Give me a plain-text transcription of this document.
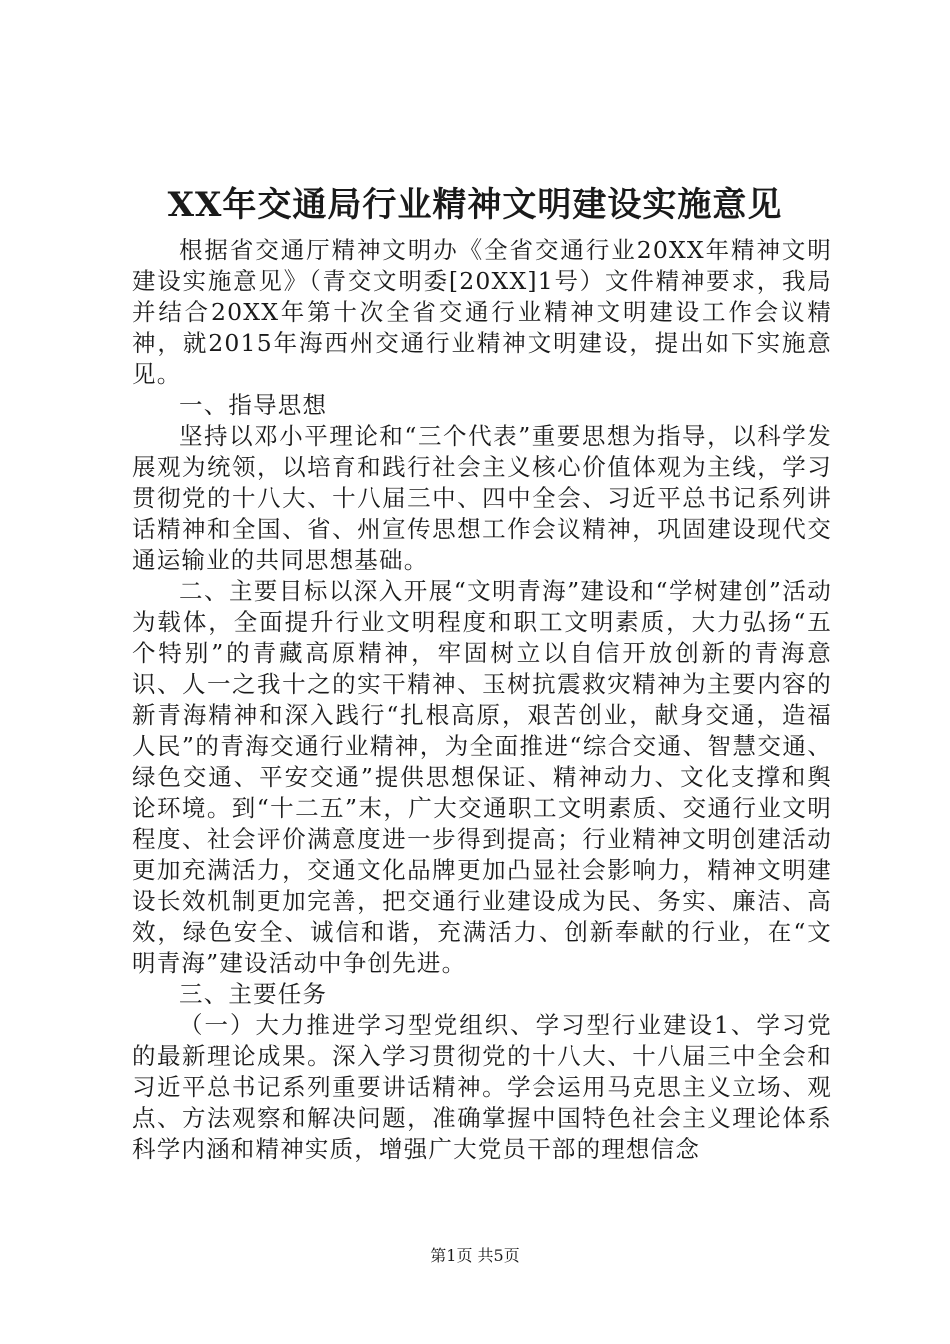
XX年交通局行业精神文明建设实施意见

根据省交通厅精神文明办《全省交通行业20XX年精神文明建设实施意见》（青交文明委[20XX]1号）文件精神要求，我局并结合20XX年第十次全省交通行业精神文明建设工作会议精神，就2015年海西州交通行业精神文明建设，提出如下实施意见。

一、指导思想

坚持以邓小平理论和“三个代表”重要思想为指导，以科学发展观为统领，以培育和践行社会主义核心价值体观为主线，学习贯彻党的十八大、十八届三中、四中全会、习近平总书记系列讲话精神和全国、省、州宣传思想工作会议精神，巩固建设现代交通运输业的共同思想基础。

二、主要目标以深入开展“文明青海”建设和“学树建创”活动为载体，全面提升行业文明程度和职工文明素质，大力弘扬“五个特别”的青藏高原精神，牢固树立以自信开放创新的青海意识、人一之我十之的实干精神、玉树抗震救灾精神为主要内容的新青海精神和深入践行“扎根高原，艰苦创业，献身交通，造福人民”的青海交通行业精神，为全面推进“综合交通、智慧交通、绿色交通、平安交通”提供思想保证、精神动力、文化支撑和舆论环境。到“十二五”末，广大交通职工文明素质、交通行业文明程度、社会评价满意度进一步得到提高；行业精神文明创建活动更加充满活力，交通文化品牌更加凸显社会影响力，精神文明建设长效机制更加完善，把交通行业建设成为民、务实、廉洁、高效，绿色安全、诚信和谐，充满活力、创新奉献的行业，在“文明青海”建设活动中争创先进。

三、主要任务

（一）大力推进学习型党组织、学习型行业建设1、学习党的最新理论成果。深入学习贯彻党的十八大、十八届三中全会和习近平总书记系列重要讲话精神。学会运用马克思主义立场、观点、方法观察和解决问题，准确掌握中国特色社会主义理论体系科学内涵和精神实质，增强广大党员干部的理想信念

第1页 共5页
